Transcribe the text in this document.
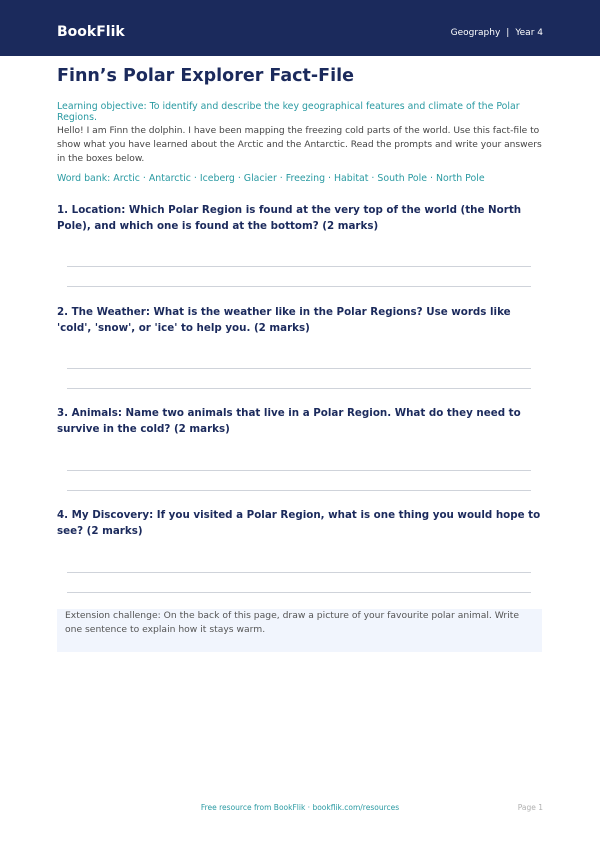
BookFlik	Geography | Year 4
Finn’s Polar Explorer Fact-File
Learning objective: To identify and describe the key geographical features and climate of the Polar Regions.
Hello! I am Finn the dolphin. I have been mapping the freezing cold parts of the world. Use this fact-file to show what you have learned about the Arctic and the Antarctic. Read the prompts and write your answers in the boxes below.
Word bank: Arctic · Antarctic · Iceberg · Glacier · Freezing · Habitat · South Pole · North Pole
1. Location: Which Polar Region is found at the very top of the world (the North Pole), and which one is found at the bottom? (2 marks)
2. The Weather: What is the weather like in the Polar Regions? Use words like 'cold', 'snow', or 'ice' to help you. (2 marks)
3. Animals: Name two animals that live in a Polar Region. What do they need to survive in the cold? (2 marks)
4. My Discovery: If you visited a Polar Region, what is one thing you would hope to see? (2 marks)
Extension challenge: On the back of this page, draw a picture of your favourite polar animal. Write one sentence to explain how it stays warm.
Free resource from BookFlik · bookflik.com/resources	Page 1
